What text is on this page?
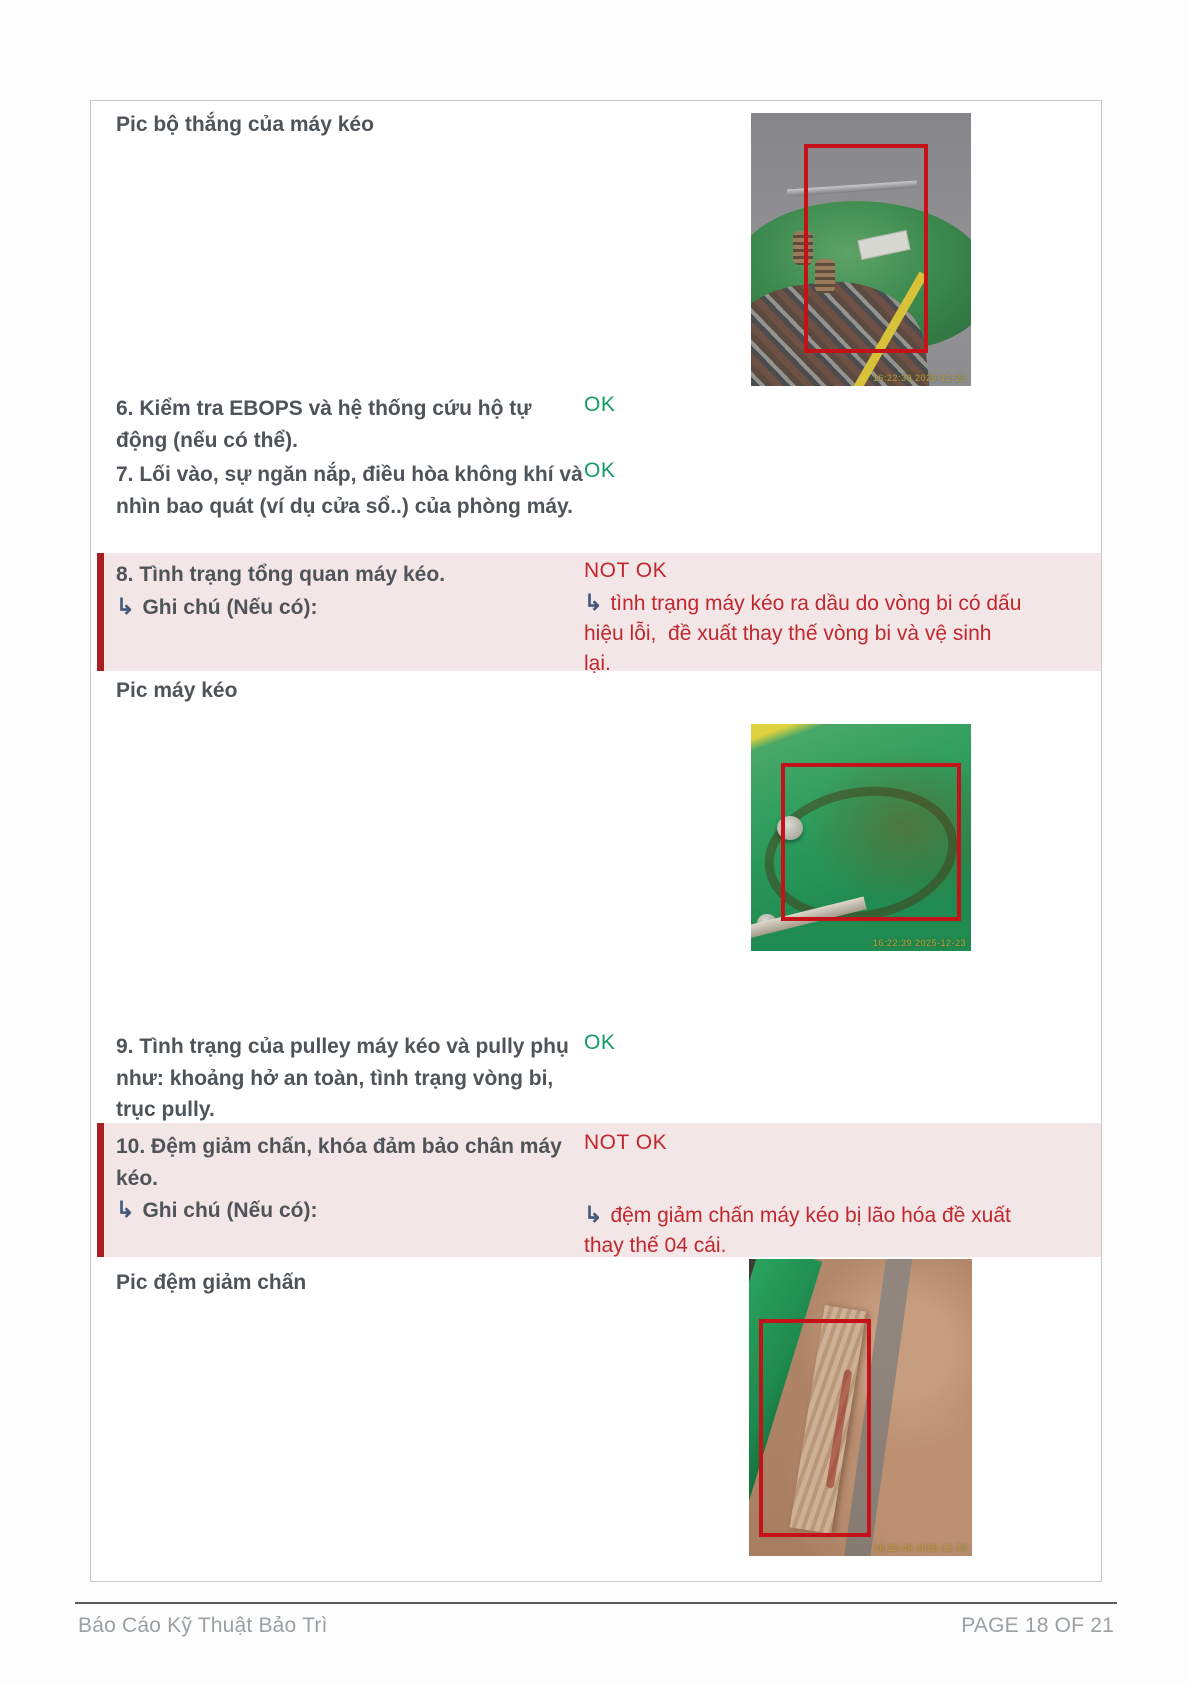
Pic bộ thắng của máy kéo
16:22:39 2025-12-23
6. Kiểm tra EBOPS và hệ thống cứu hộ tự động (nếu có thể).
OK
7. Lối vào, sự ngăn nắp, điều hòa không khí và nhìn bao quát (ví dụ cửa sổ..) của phòng máy.
OK
8. Tình trạng tổng quan máy kéo.
↳ Ghi chú (Nếu có):
NOT OK
↳ tình trạng máy kéo ra dầu do vòng bi có dấu hiệu lỗi,  đề xuất thay thế vòng bi và vệ sinh lại.
Pic máy kéo
16:22:39 2025-12-23
9. Tình trạng của pulley máy kéo và pully phụ như: khoảng hở an toàn, tình trạng vòng bi, trục pully.
OK
10. Đệm giảm chấn, khóa đảm bảo chân máy kéo.
↳ Ghi chú (Nếu có):
NOT OK
↳ đệm giảm chấn máy kéo bị lão hóa đề xuất thay thế 04 cái.
Pic đệm giảm chấn
16:22:46 2025-12-23
Báo Cáo Kỹ Thuật Bảo Trì	PAGE 18 OF 21
